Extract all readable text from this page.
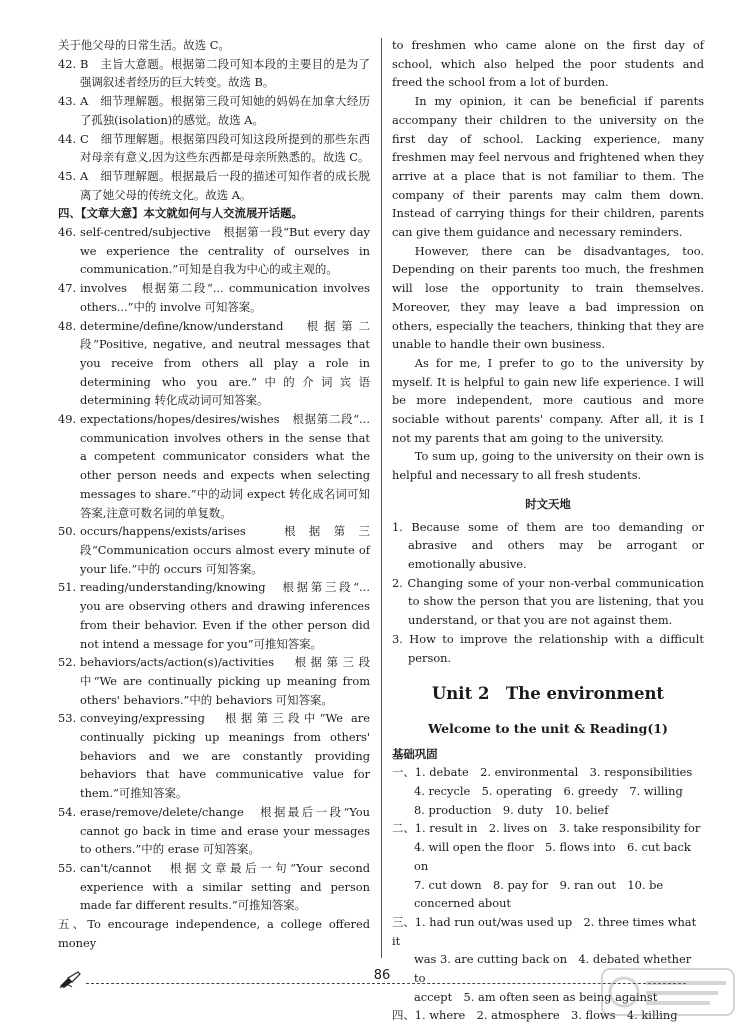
关于他父母的日常生活。故选 C。

42. B　主旨大意题。根据第二段可知本段的主要目的是为了强调叙述者经历的巨大转变。故选 B。

43. A　细节理解题。根据第三段可知她的妈妈在加拿大经历了孤独(isolation)的感觉。故选 A。

44. C　细节理解题。根据第四段可知这段所提到的那些东西对母亲有意义,因为这些东西都是母亲所熟悉的。故选 C。

45. A　细节理解题。根据最后一段的描述可知作者的成长脱离了她父母的传统文化。故选 A。

四、【文章大意】本文就如何与人交流展开话题。

46. self-centred/subjective　根据第一段“But every day we experience the centrality of ourselves in communication.”可知是自我为中心的或主观的。

47. involves　根据第二段“... communication involves others...”中的 involve 可知答案。

48. determine/define/know/understand　根据第二段“Positive, negative, and neutral messages that you receive from others all play a role in determining who you are.”中的介词宾语 determining 转化成动词可知答案。

49. expectations/hopes/desires/wishes　根据第二段“... communication involves others in the sense that a competent communicator considers what the other person needs and expects when selecting messages to share.”中的动词 expect 转化成名词可知答案,注意可数名词的单复数。

50. occurs/happens/exists/arises　根据第三段“Communication occurs almost every minute of your life.”中的 occurs 可知答案。

51. reading/understanding/knowing　根据第三段“... you are observing others and drawing inferences from their behavior. Even if the other person did not intend a message for you”可推知答案。

52. behaviors/acts/action(s)/activities　根据第三段中“We are continually picking up meaning from others' behaviors.”中的 behaviors 可知答案。

53. conveying/expressing　根据第三段中“We are continually picking up meanings from others' behaviors and we are constantly providing behaviors that have communicative value for them.”可推知答案。

54. erase/remove/delete/change　根据最后一段“You cannot go back in time and erase your messages to others.”中的 erase 可知答案。

55. can't/cannot　根据文章最后一句“Your second experience with a similar setting and person made far different results.”可推知答案。

五、To encourage independence, a college offered money

to freshmen who came alone on the first day of school, which also helped the poor students and freed the school from a lot of burden.

In my opinion, it can be beneficial if parents accompany their children to the university on the first day of school. Lacking experience, many freshmen may feel nervous and frightened when they arrive at a place that is not familiar to them. The company of their parents may calm them down. Instead of carrying things for their children, parents can give them guidance and necessary reminders.

However, there can be disadvantages, too. Depending on their parents too much, the freshmen will lose the opportunity to train themselves. Moreover, they may leave a bad impression on others, especially the teachers, thinking that they are unable to handle their own business.

As for me, I prefer to go to the university by myself. It is helpful to gain new life experience. I will be more independent, more cautious and more sociable without parents' company. After all, it is I not my parents that am going to the university.

To sum up, going to the university on their own is helpful and necessary to all fresh students.

时文天地

1. Because some of them are too demanding or abrasive and others may be arrogant or emotionally abusive.
2. Changing some of your non-verbal communication to show the person that you are listening, that you understand, or that you are not against them.
3. How to improve the relationship with a difficult person.

Unit 2　The environment

Welcome to the unit & Reading(1)

基础巩固

一、1. debate　2. environmental　3. responsibilities
4. recycle　5. operating　6. greedy　7. willing
8. production　9. duty　10. belief
二、1. result in　2. lives on　3. take responsibility for
4. will open the floor　5. flows into　6. cut back on
7. cut down　8. pay for　9. ran out　10. be
concerned about
三、1. had run out/was used up　2. three times what it
was 3. are cutting back on　4. debated whether to
accept　5. am often seen as being against
四、1. where　2. atmosphere　3. flows　4. killing
86
